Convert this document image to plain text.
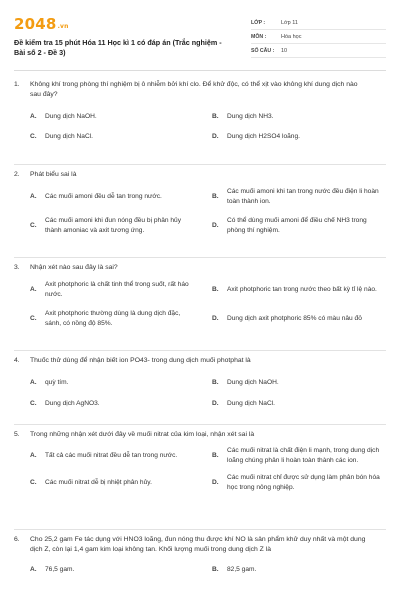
2048.vn
Đề kiểm tra 15 phút Hóa 11 Học kì 1 có đáp án (Trắc nghiệm - Bài số 2 - Đề 3)
LỚP :	Lớp 11
MÔN :	Hóa học
SỐ CÂU :	10
1.	Không khí trong phòng thí nghiệm bị ô nhiễm bởi khí clo. Để khử độc, có thể xịt vào không khí dung dịch nào sau đây?
A.	Dung dịch NaOH.	B.	Dung dịch NH3.
C.	Dung dịch NaCl.	D.	Dung dịch H2SO4 loãng.
2.	Phát biểu sai là
A.	Các muối amoni đều dễ tan trong nước.	B.
Các muối amoni khi tan trong nước đều điện li hoàn toàn thành ion.
C.
Các muối amoni khi đun nóng đều bị phân hủy thành amoniac và axit tương ứng.
D.
Có thể dùng muối amoni để điều chế NH3 trong phòng thí nghiệm.
3.	Nhận xét nào sau đây là sai?
A.
Axit photphoric là chất tinh thể trong suốt, rất háo nước.
B.	Axit photphoric tan trong nước theo bất kỳ tỉ lệ nào.
C.
Axit photphoric thường dùng là dung dịch đặc, sánh, có nồng độ 85%.
D.	Dung dịch axit photphoric 85% có màu nâu đỏ
4.	Thuốc thử dùng để nhận biết ion PO43- trong dung dịch muối photphat là
A.	quỳ tím.	B.	Dung dịch NaOH.
C.	Dung dịch AgNO3.	D.	Dung dịch NaCl.
5.	Trong những nhận xét dưới đây về muối nitrat của kim loại, nhận xét sai là
A.	Tất cả các muối nitrat đều dễ tan trong nước.	B.
Các muối nitrat là chất điện li mạnh, trong dung dịch loãng chúng phân li hoàn toàn thành các ion.
C.	Các muối nitrat dễ bị nhiệt phân hủy.	D.
Các muối nitrat chỉ được sử dụng làm phân bón hóa học trong nông nghiệp.
6.	Cho 25,2 gam Fe tác dụng với HNO3 loãng, đun nóng thu được khí NO là sản phẩm khử duy nhất và một dung dịch Z, còn lại 1,4 gam kim loại không tan. Khối lượng muối trong dung dịch Z là
A.	76,5 gam.	B.	82,5 gam.
